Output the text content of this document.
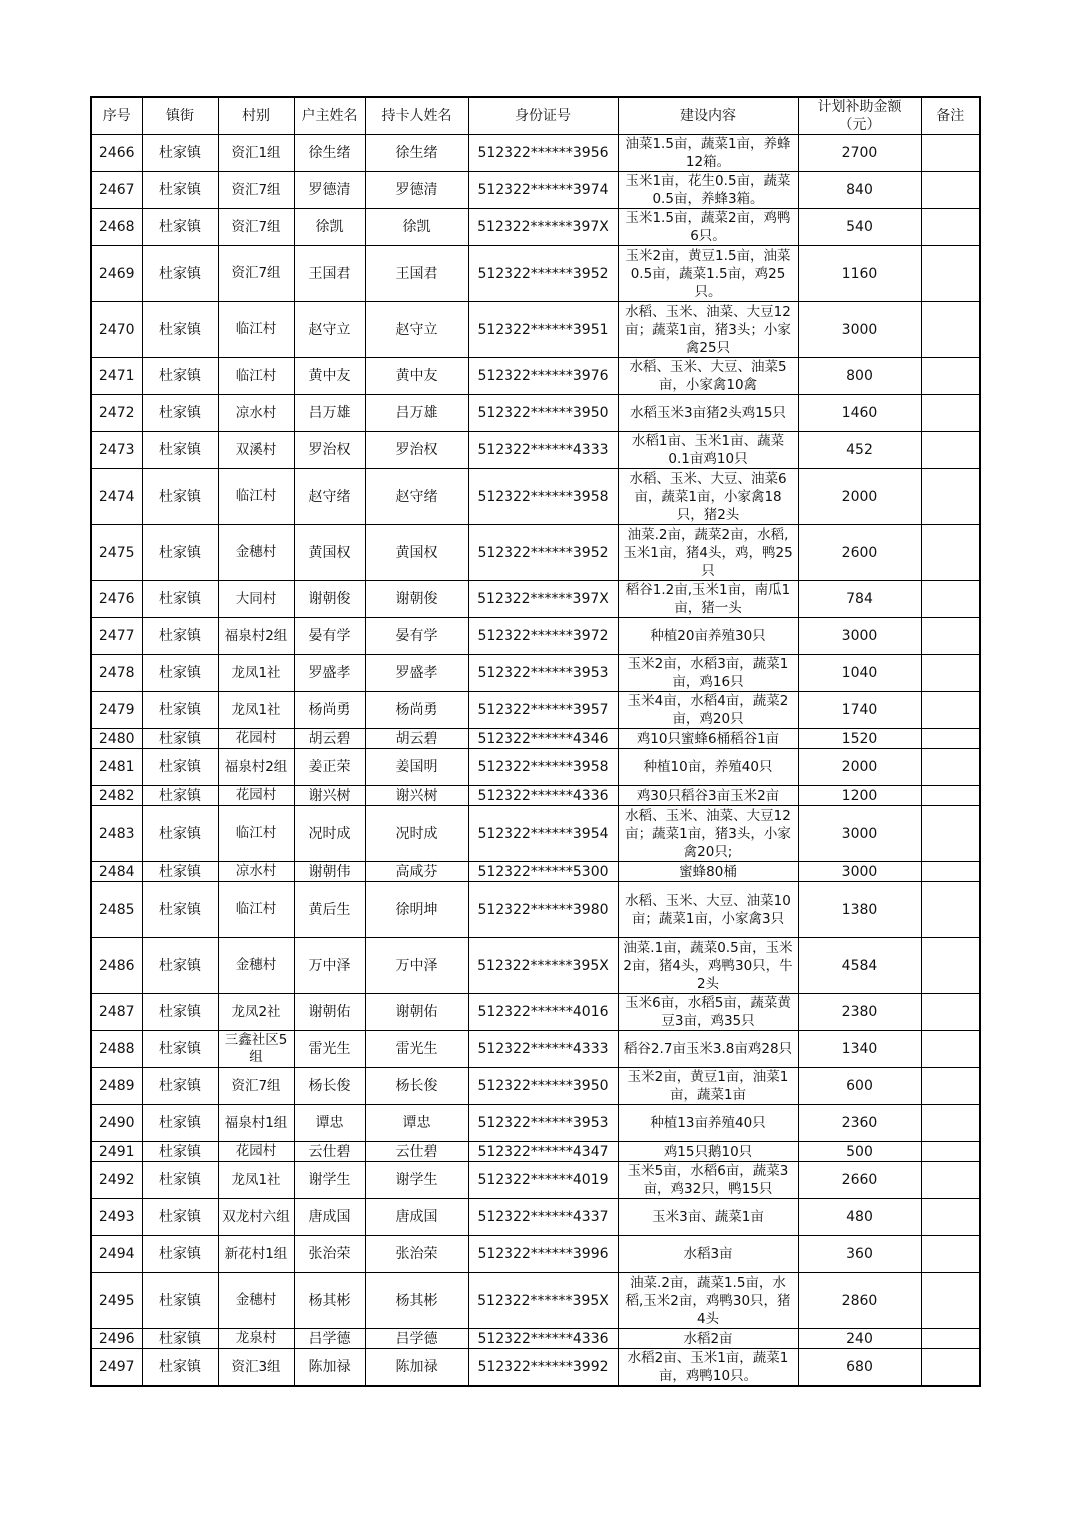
序号	镇街	村别	户主姓名	持卡人姓名	身份证号	建设内容	计划补助金额（元）	备注
2466	杜家镇	资汇1组	徐生绪	徐生绪	512322******3956	油菜1.5亩，蔬菜1亩，养蜂12箱。	2700	
2467	杜家镇	资汇7组	罗德清	罗德清	512322******3974	玉米1亩，花生0.5亩，蔬菜0.5亩，养蜂3箱。	840	
2468	杜家镇	资汇7组	徐凯	徐凯	512322******397X	玉米1.5亩，蔬菜2亩，鸡鸭6只。	540	
2469	杜家镇	资汇7组	王国君	王国君	512322******3952	玉米2亩，黄豆1.5亩，油菜0.5亩，蔬菜1.5亩，鸡25只。	1160	
2470	杜家镇	临江村	赵守立	赵守立	512322******3951	水稻、玉米、油菜、大豆12亩；蔬菜1亩，猪3头；小家禽25只	3000	
2471	杜家镇	临江村	黄中友	黄中友	512322******3976	水稻、玉米、大豆、油菜5亩，小家禽10禽	800	
2472	杜家镇	凉水村	吕万雄	吕万雄	512322******3950	水稻玉米3亩猪2头鸡15只	1460	
2473	杜家镇	双溪村	罗治权	罗治权	512322******4333	水稻1亩、玉米1亩、蔬菜0.1亩鸡10只	452	
2474	杜家镇	临江村	赵守绪	赵守绪	512322******3958	水稻、玉米、大豆、油菜6亩，蔬菜1亩，小家禽18只，猪2头	2000	
2475	杜家镇	金穗村	黄国权	黄国权	512322******3952	油菜.2亩，蔬菜2亩，水稻,玉米1亩，猪4头，鸡，鸭25只	2600	
2476	杜家镇	大同村	谢朝俊	谢朝俊	512322******397X	稻谷1.2亩,玉米1亩，南瓜1亩，猪一头	784	
2477	杜家镇	福泉村2组	晏有学	晏有学	512322******3972	种植20亩养殖30只	3000	
2478	杜家镇	龙凤1社	罗盛孝	罗盛孝	512322******3953	玉米2亩，水稻3亩，蔬菜1亩，鸡16只	1040	
2479	杜家镇	龙凤1社	杨尚勇	杨尚勇	512322******3957	玉米4亩，水稻4亩，蔬菜2亩，鸡20只	1740	
2480	杜家镇	花园村	胡云碧	胡云碧	512322******4346	鸡10只蜜蜂6桶稻谷1亩	1520	
2481	杜家镇	福泉村2组	姜正荣	姜国明	512322******3958	种植10亩，养殖40只	2000	
2482	杜家镇	花园村	谢兴树	谢兴树	512322******4336	鸡30只稻谷3亩玉米2亩	1200	
2483	杜家镇	临江村	况时成	况时成	512322******3954	水稻、玉米、油菜、大豆12亩；蔬菜1亩，猪3头，小家禽20只;	3000	
2484	杜家镇	凉水村	谢朝伟	高咸芬	512322******5300	蜜蜂80桶	3000	
2485	杜家镇	临江村	黄后生	徐明坤	512322******3980	水稻、玉米、大豆、油菜10亩；蔬菜1亩，小家禽3只	1380	
2486	杜家镇	金穗村	万中泽	万中泽	512322******395X	油菜.1亩，蔬菜0.5亩，玉米2亩，猪4头，鸡鸭30只，牛2头	4584	
2487	杜家镇	龙凤2社	谢朝佑	谢朝佑	512322******4016	玉米6亩，水稻5亩，蔬菜黄豆3亩，鸡35只	2380	
2488	杜家镇	三鑫社区5组	雷光生	雷光生	512322******4333	稻谷2.7亩玉米3.8亩鸡28只	1340	
2489	杜家镇	资汇7组	杨长俊	杨长俊	512322******3950	玉米2亩，黄豆1亩，油菜1亩，蔬菜1亩	600	
2490	杜家镇	福泉村1组	谭忠	谭忠	512322******3953	种植13亩养殖40只	2360	
2491	杜家镇	花园村	云仕碧	云仕碧	512322******4347	鸡15只鹅10只	500	
2492	杜家镇	龙凤1社	谢学生	谢学生	512322******4019	玉米5亩，水稻6亩，蔬菜3亩，鸡32只，鸭15只	2660	
2493	杜家镇	双龙村六组	唐成国	唐成国	512322******4337	玉米3亩、蔬菜1亩	480	
2494	杜家镇	新花村1组	张治荣	张治荣	512322******3996	水稻3亩	360	
2495	杜家镇	金穗村	杨其彬	杨其彬	512322******395X	油菜.2亩，蔬菜1.5亩，水稻,玉米2亩，鸡鸭30只，猪4头	2860	
2496	杜家镇	龙泉村	吕学德	吕学德	512322******4336	水稻2亩	240	
2497	杜家镇	资汇3组	陈加禄	陈加禄	512322******3992	水稻2亩、玉米1亩，蔬菜1亩，鸡鸭10只。	680	
